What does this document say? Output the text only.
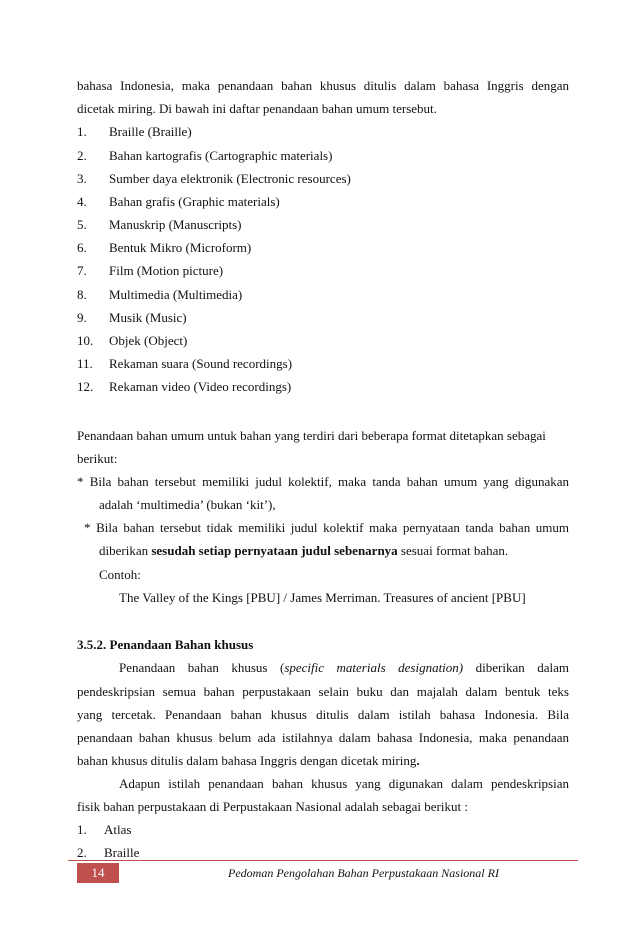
bahasa Indonesia, maka penandaan bahan khusus ditulis dalam bahasa Inggris dengan
dicetak miring. Di bawah ini daftar penandaan bahan umum tersebut.
1. Braille (Braille)
2. Bahan kartografis (Cartographic materials)
3. Sumber daya elektronik (Electronic resources)
4. Bahan grafis (Graphic materials)
5. Manuskrip (Manuscripts)
6. Bentuk Mikro (Microform)
7. Film (Motion picture)
8. Multimedia (Multimedia)
9. Musik (Music)
10. Objek (Object)
11. Rekaman suara (Sound recordings)
12. Rekaman video (Video recordings)
Penandaan bahan umum untuk bahan yang terdiri dari beberapa format ditetapkan sebagai
berikut:
* Bila bahan tersebut memiliki judul kolektif, maka tanda bahan umum yang digunakan
adalah ‘multimedia’ (bukan ‘kit’),
* Bila bahan tersebut tidak memiliki judul kolektif maka pernyataan tanda bahan umum
diberikan sesudah setiap pernyataan judul sebenarnya sesuai format bahan.
Contoh:
The Valley of the Kings [PBU] / James Merriman. Treasures of ancient [PBU]
3.5.2. Penandaan Bahan khusus
Penandaan bahan khusus (specific materials designation) diberikan dalam
pendeskripsian semua bahan perpustakaan selain buku dan majalah dalam bentuk teks
yang tercetak. Penandaan bahan khusus ditulis dalam istilah bahasa Indonesia. Bila
penandaan bahan khusus belum ada istilahnya dalam bahasa Indonesia, maka penandaan
bahan khusus ditulis dalam bahasa Inggris dengan dicetak miring.
Adapun istilah penandaan bahan khusus yang digunakan dalam pendeskripsian
fisik bahan perpustakaan di Perpustakaan Nasional adalah sebagai berikut :
1. Atlas
2. Braille
14	Pedoman Pengolahan Bahan Perpustakaan Nasional RI
